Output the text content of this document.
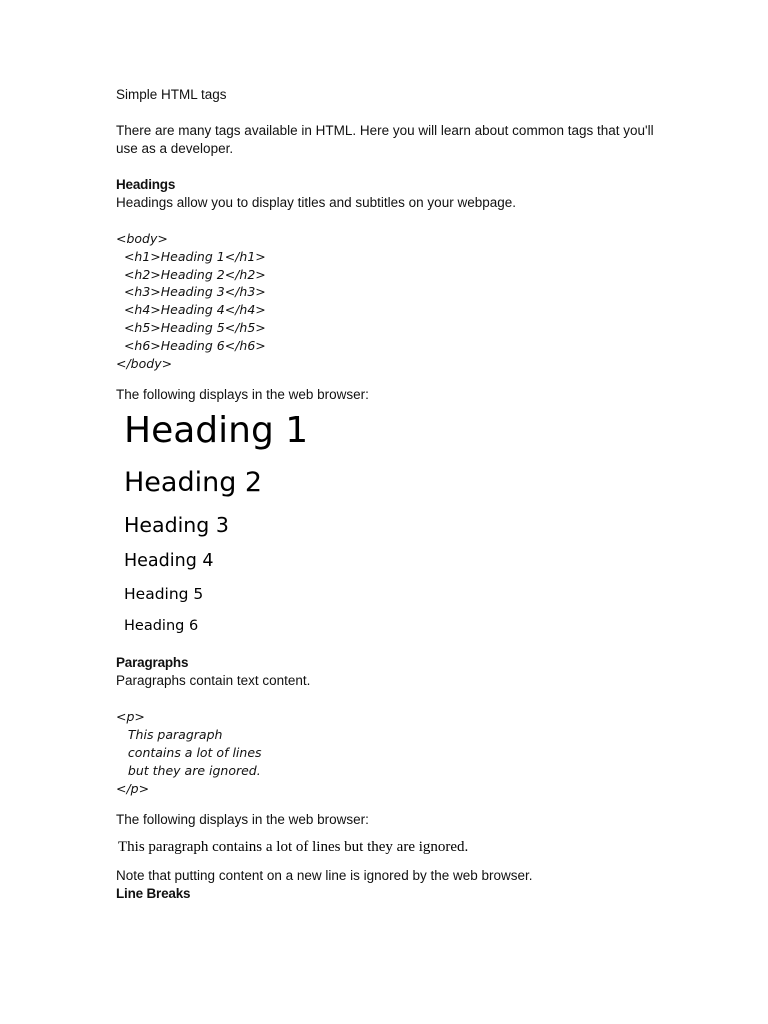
Simple HTML tags

There are many tags available in HTML. Here you will learn about common tags that you'll use as a developer.

Headings

Headings allow you to display titles and subtitles on your webpage.

<body>

<h1>Heading 1</h1>

<h2>Heading 2</h2>

<h3>Heading 3</h3>

<h4>Heading 4</h4>

<h5>Heading 5</h5>

<h6>Heading 6</h6>

</body>

The following displays in the web browser:

Heading 1
Heading 2
Heading 3
Heading 4
Heading 5
Heading 6

Paragraphs

Paragraphs contain text content.

<p>

This paragraph

contains a lot of lines

but they are ignored.

</p>

The following displays in the web browser:

This paragraph contains a lot of lines but they are ignored.

Note that putting content on a new line is ignored by the web browser.

Line Breaks
